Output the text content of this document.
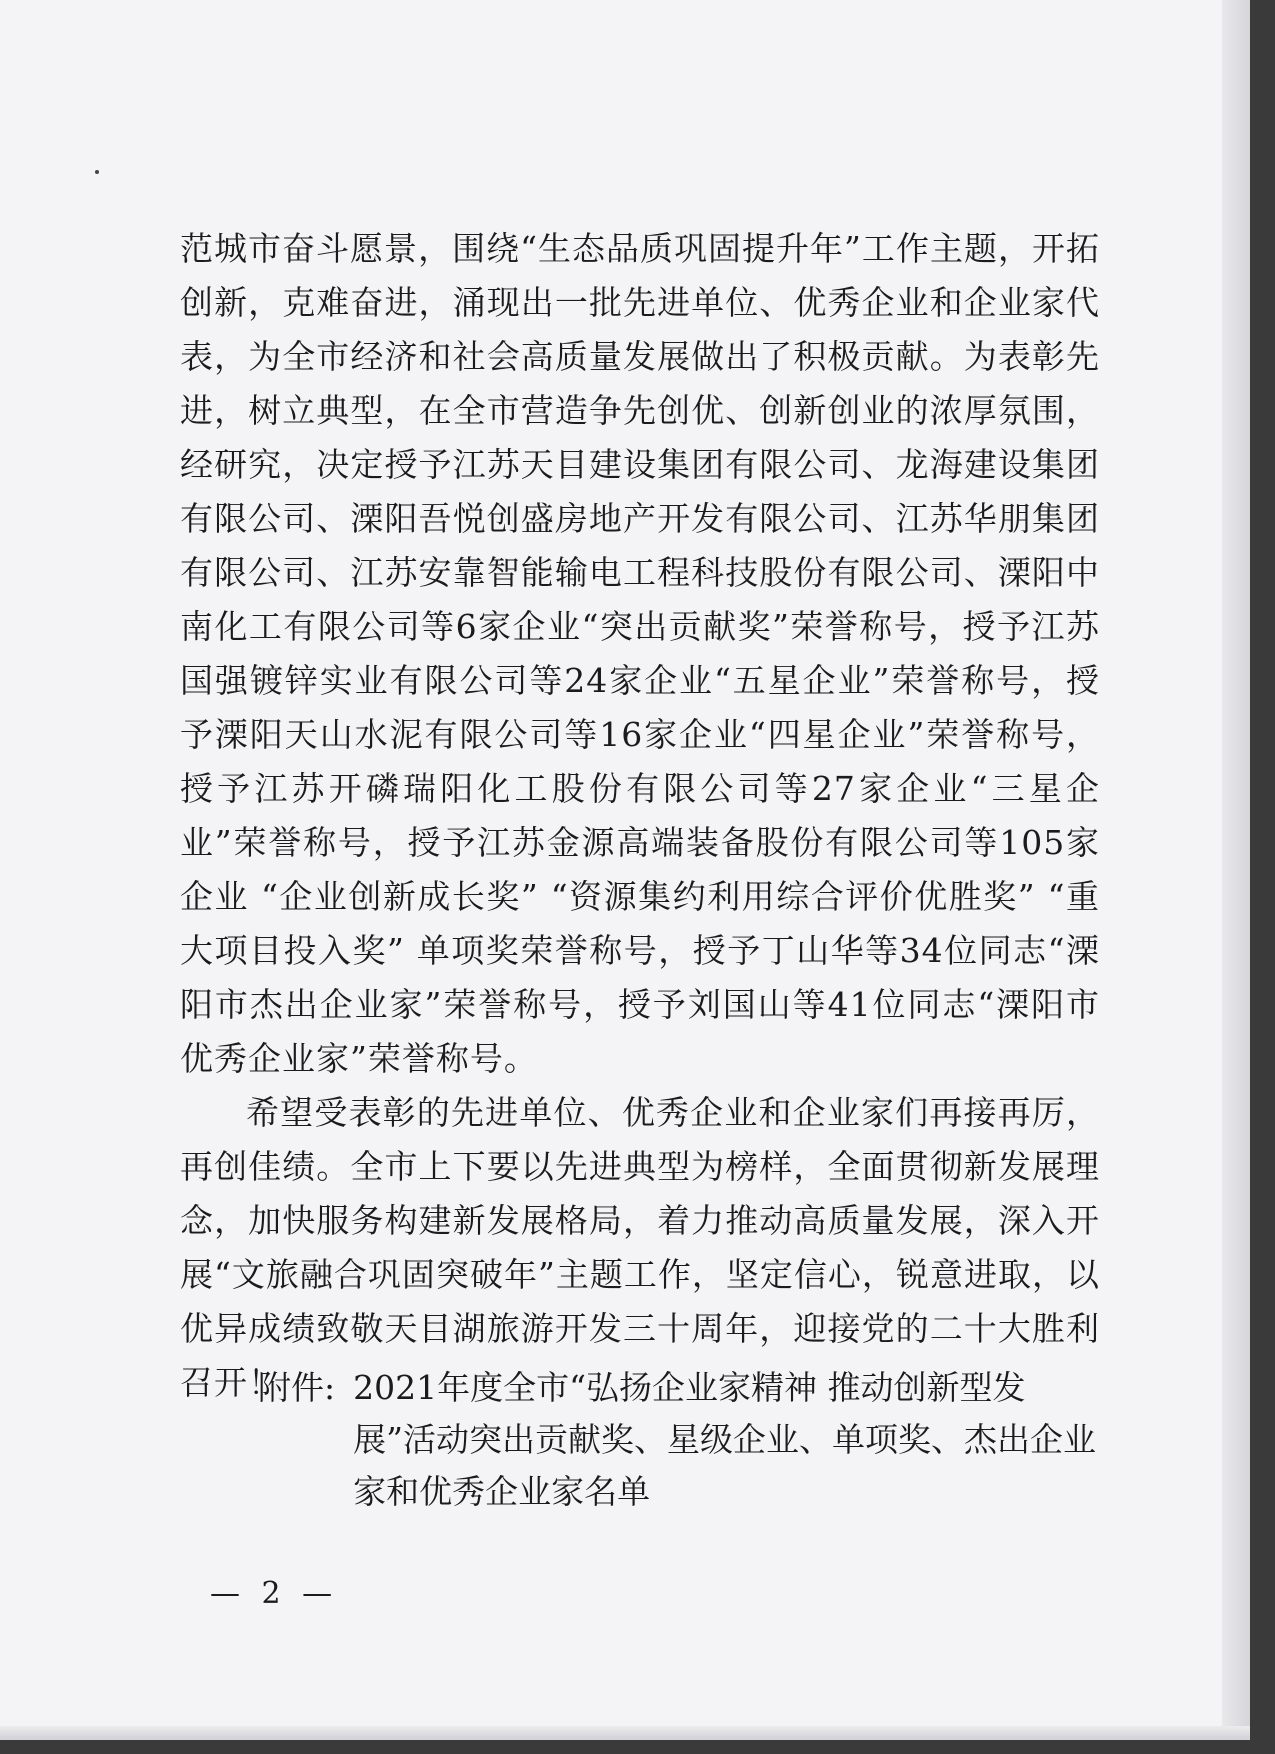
范城市奋斗愿景，围绕“生态品质巩固提升年”工作主题，开拓创新，克难奋进，涌现出一批先进单位、优秀企业和企业家代表，为全市经济和社会高质量发展做出了积极贡献。为表彰先进，树立典型，在全市营造争先创优、创新创业的浓厚氛围，经研究，决定授予江苏天目建设集团有限公司、龙海建设集团有限公司、溧阳吾悦创盛房地产开发有限公司、江苏华朋集团有限公司、江苏安靠智能输电工程科技股份有限公司、溧阳中南化工有限公司等6家企业“突出贡献奖”荣誉称号，授予江苏国强镀锌实业有限公司等24家企业“五星企业”荣誉称号，授予溧阳天山水泥有限公司等16家企业“四星企业”荣誉称号，授予江苏开磷瑞阳化工股份有限公司等27家企业“三星企业”荣誉称号，授予江苏金源高端装备股份有限公司等105家企业 “企业创新成长奖” “资源集约利用综合评价优胜奖” “重大项目投入奖” 单项奖荣誉称号，授予丁山华等34位同志“溧阳市杰出企业家”荣誉称号，授予刘国山等41位同志“溧阳市优秀企业家”荣誉称号。

希望受表彰的先进单位、优秀企业和企业家们再接再厉，再创佳绩。全市上下要以先进典型为榜样，全面贯彻新发展理念，加快服务构建新发展格局，着力推动高质量发展，深入开展“文旅融合巩固突破年”主题工作，坚定信心，锐意进取，以优异成绩致敬天目湖旅游开发三十周年，迎接党的二十大胜利召开！

附件: 2021年度全市“弘扬企业家精神 推动创新型发展”活动突出贡献奖、星级企业、单项奖、杰出企业家和优秀企业家名单
— 2 —
